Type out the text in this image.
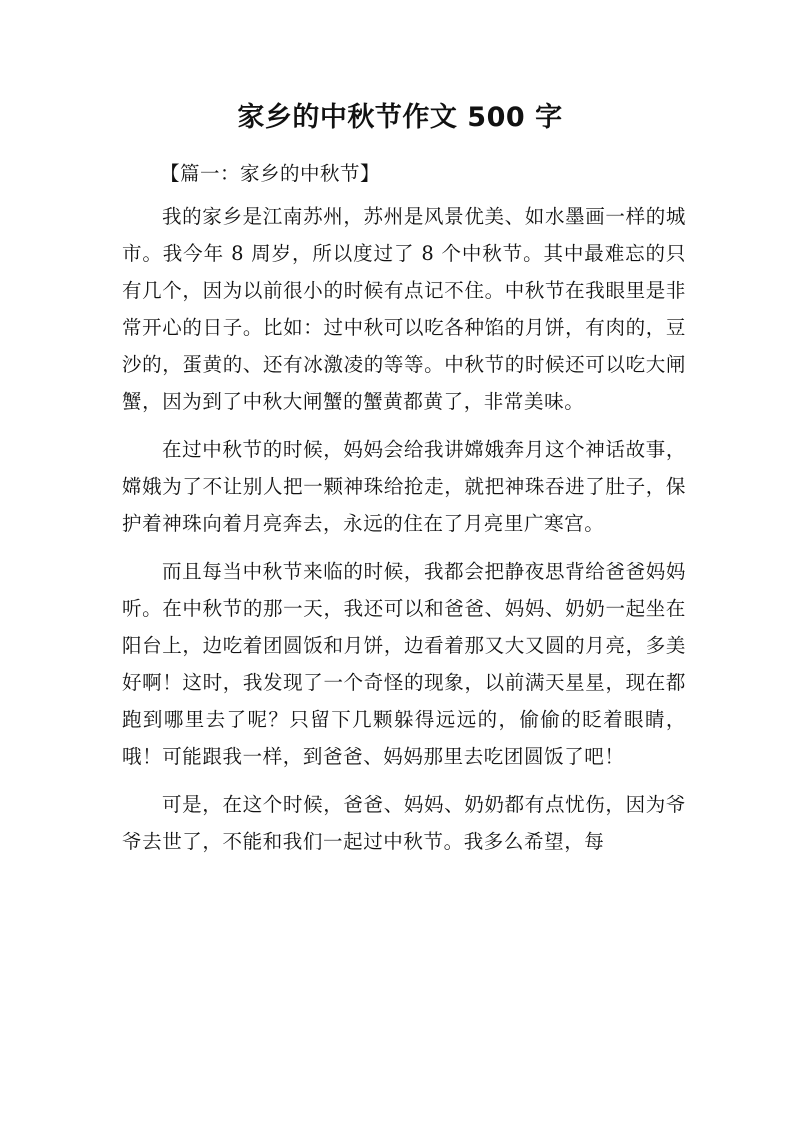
家乡的中秋节作文 500 字

【篇一：家乡的中秋节】

我的家乡是江南苏州，苏州是风景优美、如水墨画一样的城市。我今年 8 周岁，所以度过了 8 个中秋节。其中最难忘的只有几个，因为以前很小的时候有点记不住。中秋节在我眼里是非常开心的日子。比如：过中秋可以吃各种馅的月饼，有肉的，豆沙的，蛋黄的、还有冰激凌的等等。中秋节的时候还可以吃大闸蟹，因为到了中秋大闸蟹的蟹黄都黄了，非常美味。

在过中秋节的时候，妈妈会给我讲嫦娥奔月这个神话故事，嫦娥为了不让别人把一颗神珠给抢走，就把神珠吞进了肚子，保护着神珠向着月亮奔去，永远的住在了月亮里广寒宫。

而且每当中秋节来临的时候，我都会把静夜思背给爸爸妈妈听。在中秋节的那一天，我还可以和爸爸、妈妈、奶奶一起坐在阳台上，边吃着团圆饭和月饼，边看着那又大又圆的月亮，多美好啊！这时，我发现了一个奇怪的现象，以前满天星星，现在都跑到哪里去了呢？只留下几颗躲得远远的，偷偷的眨着眼睛，哦！可能跟我一样，到爸爸、妈妈那里去吃团圆饭了吧！

可是，在这个时候，爸爸、妈妈、奶奶都有点忧伤，因为爷爷去世了，不能和我们一起过中秋节。我多么希望，每
